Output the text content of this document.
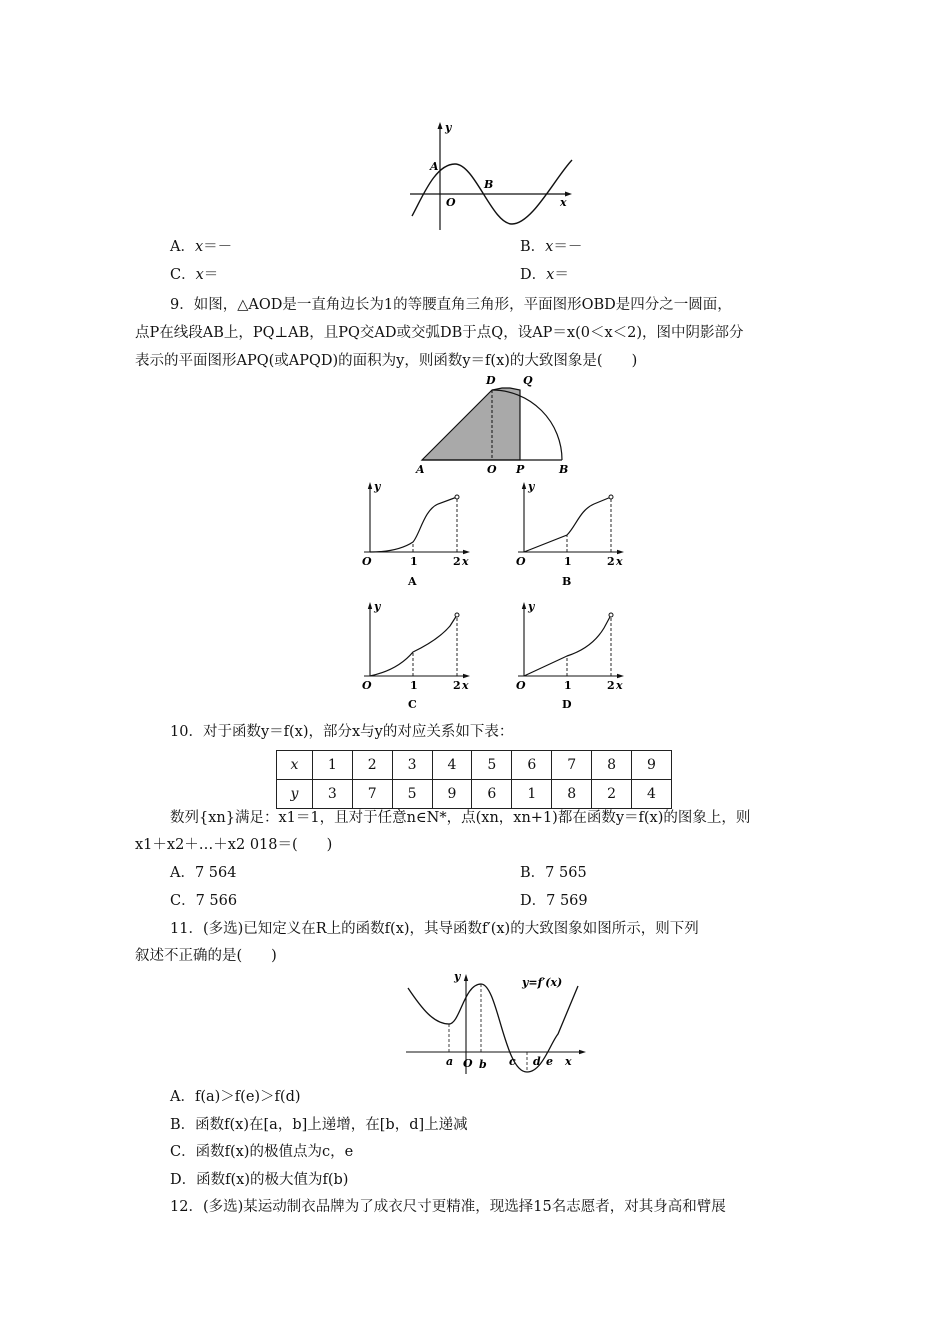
y
A
O
B
x
A．x＝－	B．x＝－
C．x＝	D．x＝
9．如图，△AOD是一直角边长为1的等腰直角三角形，平面图形OBD是四分之一圆面，
点P在线段AB上，PQ⊥AB，且PQ交AD或交弧DB于点Q，设AP＝x(0＜x＜2)，图中阴影部分
表示的平面图形APQ(或APQD)的面积为y，则函数y＝f(x)的大致图象是(　　)
D Q
A	O P	B
y
O	1	2 x
A
y
O	1	2 x
B
y
O	1	2 x
C
y
O	1	2 x
D
10．对于函数y＝f(x)，部分x与y的对应关系如下表：
x	1	2	3	4	5	6	7	8	9
y	3	7	5	9	6	1	8	2	4
数列{xn}满足：x1＝1，且对于任意n∈N*，点(xn，xn+1)都在函数y＝f(x)的图象上，则
x1＋x2＋…＋x2 018＝(　　)
A．7 564	B．7 565
C．7 566	D．7 569
11．(多选)已知定义在R上的函数f(x)，其导函数f′(x)的大致图象如图所示，则下列
叙述不正确的是(　　)
y	y=f′(x)
a O b c d e x
A．f(a)＞f(e)＞f(d)
B．函数f(x)在[a，b]上递增，在[b，d]上递减
C．函数f(x)的极值点为c，e
D．函数f(x)的极大值为f(b)
12．(多选)某运动制衣品牌为了成衣尺寸更精准，现选择15名志愿者，对其身高和臂展
